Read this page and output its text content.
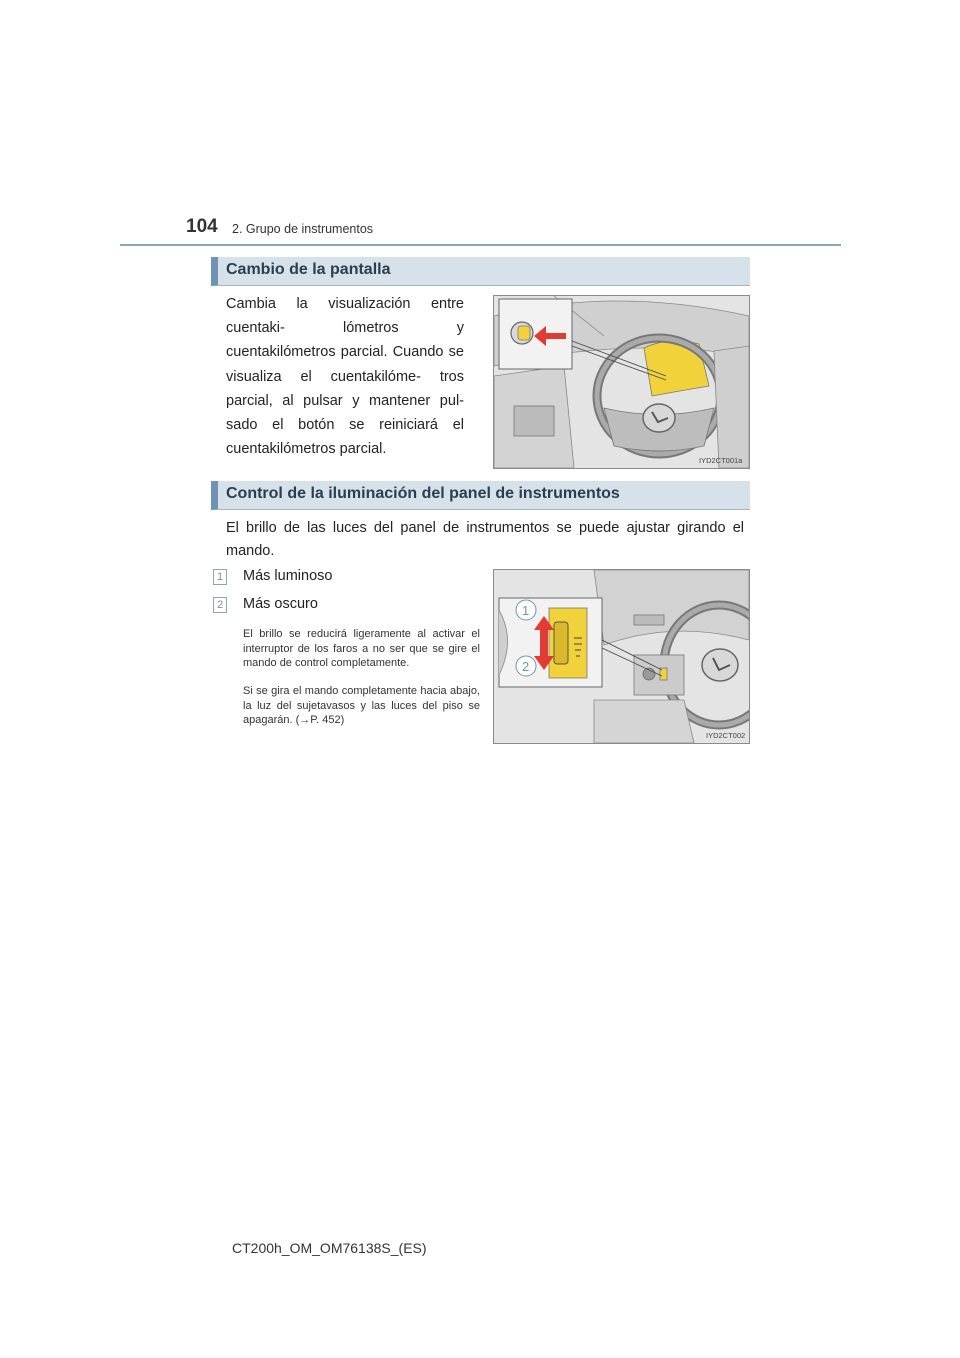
104 2. Grupo de instrumentos
Cambio de la pantalla
Cambia la visualización entre cuentaki- lómetros y cuentakilómetros parcial. Cuando se visualiza el cuentakilóme- tros parcial, al pulsar y mantener pul- sado el botón se reiniciará el cuentakilómetros parcial.
IYD2CT001a
Control de la iluminación del panel de instrumentos
El brillo de las luces del panel de instrumentos se puede ajustar girando el mando.
1 Más luminoso
2 Más oscuro
El brillo se reducirá ligeramente al activar el interruptor de los faros a no ser que se gire el mando de control completamente.
Si se gira el mando completamente hacia abajo, la luz del sujetavasos y las luces del piso se apagarán. (→P. 452)
1
2
IYD2CT002
CT200h_OM_OM76138S_(ES)
